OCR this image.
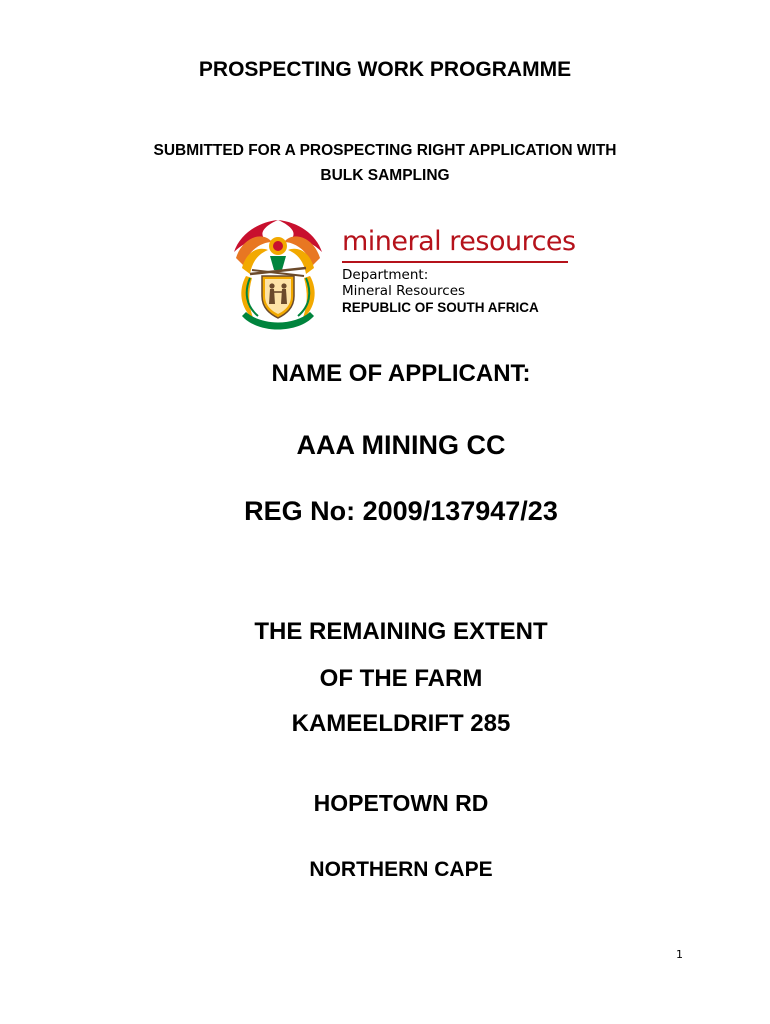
PROSPECTING WORK PROGRAMME
SUBMITTED FOR A PROSPECTING RIGHT APPLICATION WITH
BULK SAMPLING
mineral resources
Department:
Mineral Resources
REPUBLIC OF SOUTH AFRICA
NAME OF APPLICANT:
AAA MINING CC
REG No: 2009/137947/23
THE REMAINING EXTENT
OF THE FARM
KAMEELDRIFT 285
HOPETOWN RD
NORTHERN CAPE
1
